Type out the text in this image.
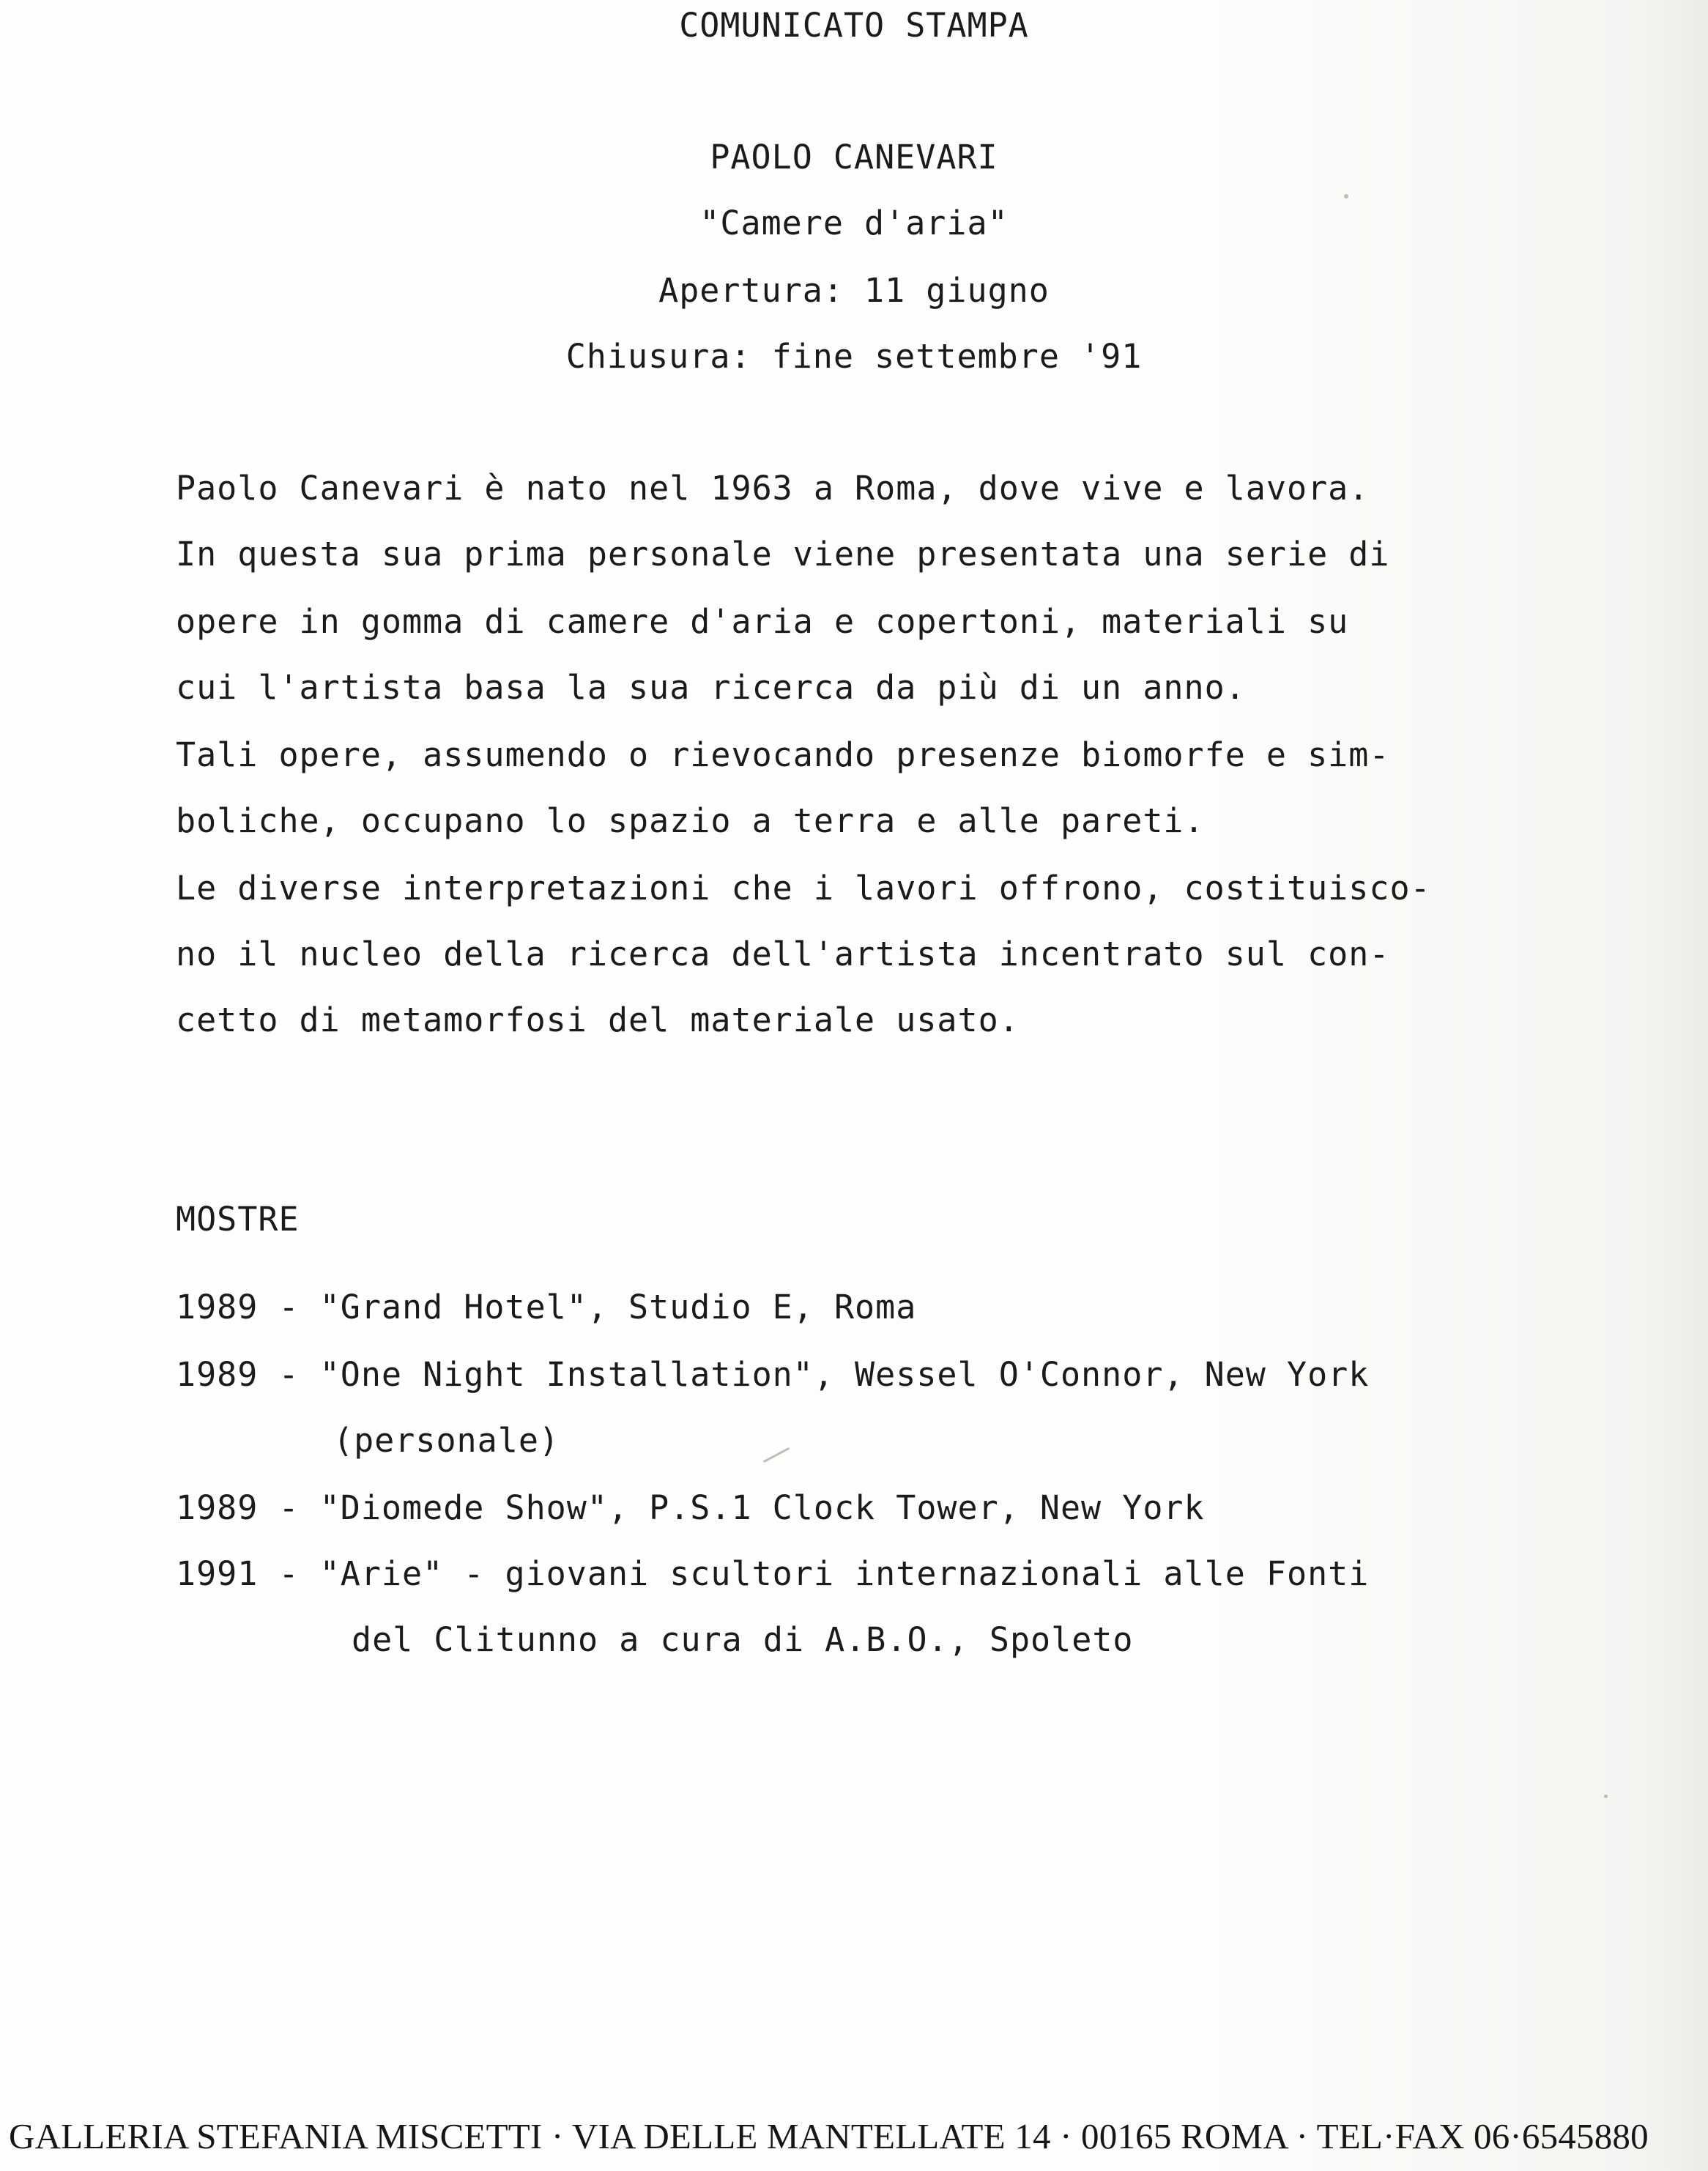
COMUNICATO STAMPA
PAOLO CANEVARI
"Camere d'aria"
Apertura: 11 giugno
Chiusura: fine settembre '91
Paolo Canevari è nato nel 1963 a Roma, dove vive e lavora.
In questa sua prima personale viene presentata una serie di
opere in gomma di camere d'aria e copertoni, materiali su
cui l'artista basa la sua ricerca da più di un anno.
Tali opere, assumendo o rievocando presenze biomorfe e sim-
boliche, occupano lo spazio a terra e alle pareti.
Le diverse interpretazioni che i lavori offrono, costituisco-
no il nucleo della ricerca dell'artista incentrato sul con-
cetto di metamorfosi del materiale usato.
MOSTRE
1989 - "Grand Hotel", Studio E, Roma
1989 - "One Night Installation", Wessel O'Connor, New York
(personale)
1989 - "Diomede Show", P.S.1 Clock Tower, New York
1991 - "Arie" - giovani scultori internazionali alle Fonti
del Clitunno a cura di A.B.O., Spoleto
GALLERIA STEFANIA MISCETTI · VIA DELLE MANTELLATE 14 · 00165 ROMA · TEL·FAX 06·6545880
